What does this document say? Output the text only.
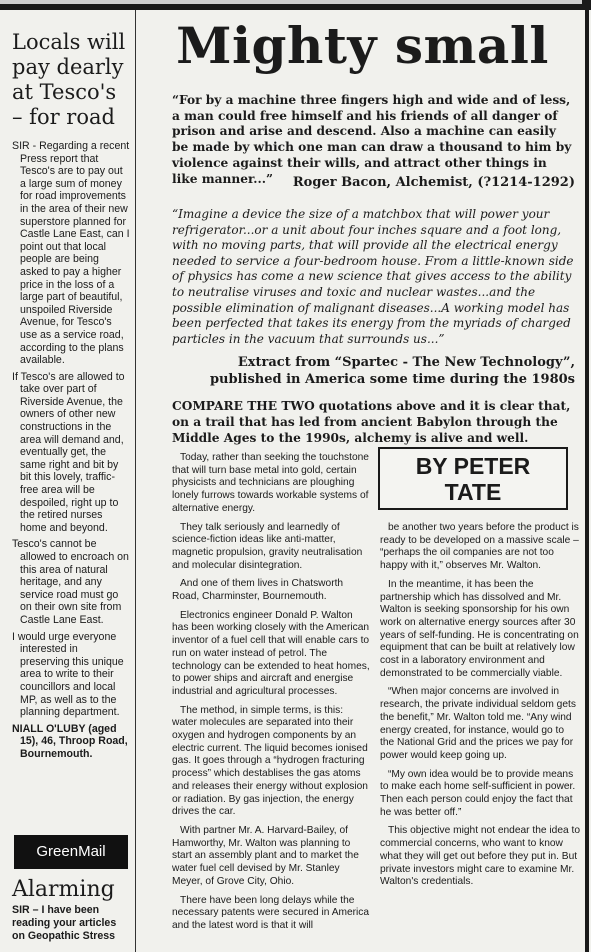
Locals will pay dearly at Tesco's – for road

SIR - Regarding a recent Press report that Tesco's are to pay out a large sum of money for road improvements in the area of their new superstore planned for Castle Lane East, can I point out that local people are being asked to pay a higher price in the loss of a large part of beautiful, unspoiled Riverside Avenue, for Tesco's use as a service road, according to the plans available.

If Tesco's are allowed to take over part of Riverside Avenue, the owners of other new constructions in the area will demand and, eventually get, the same right and bit by bit this lovely, traffic-free area will be despoiled, right up to the retired nurses home and beyond.

Tesco's cannot be allowed to encroach on this area of natural heritage, and any service road must go on their own site from Castle Lane East.

I would urge everyone interested in preserving this unique area to write to their councillors and local MP, as well as to the planning department.

NIALL O'LUBY (aged 15), 46, Throop Road, Bournemouth.

GreenMail
Alarming

SIR – I have been reading your articles on Geopathic Stress

Mighty small

“For by a machine three fingers high and wide and of less, a man could free himself and his friends of all danger of prison and arise and descend. Also a machine can easily be made by which one man can draw a thousand to him by violence against their wills, and attract other things in like manner...”	Roger Bacon, Alchemist, (?1214-1292)

“Imagine a device the size of a matchbox that will power your refrigerator...or a unit about four inches square and a foot long, with no moving parts, that will provide all the electrical energy needed to service a four-bedroom house. From a little-known side of physics has come a new science that gives access to the ability to neutralise viruses and toxic and nuclear wastes...and the possible elimination of malignant diseases...A working model has been perfected that takes its energy from the myriads of charged particles in the vacuum that surrounds us...”

Extract from “Spartec - The New Technology”, published in America some time during the 1980s

COMPARE THE TWO quotations above and it is clear that, on a trail that has led from ancient Babylon through the Middle Ages to the 1990s, alchemy is alive and well.

Today, rather than seeking the touchstone that will turn base metal into gold, certain physicists and technicians are ploughing lonely furrows towards workable systems of alternative energy.

They talk seriously and learnedly of science-fiction ideas like anti-matter, magnetic propulsion, gravity neutralisation and molecular disintegration.

And one of them lives in Chatsworth Road, Charminster, Bournemouth.

Electronics engineer Donald P. Walton has been working closely with the American inventor of a fuel cell that will enable cars to run on water instead of petrol. The technology can be extended to heat homes, to power ships and aircraft and energise industrial and agricultural processes.

The method, in simple terms, is this: water molecules are separated into their oxygen and hydrogen components by an electric current. The liquid becomes ionised gas. It goes through a “hydrogen fracturing process” which destablises the gas atoms and releases their energy without explosion or radiation. By gas injection, the energy drives the car.

With partner Mr. A. Harvard-Bailey, of Hamworthy, Mr. Walton was planning to start an assembly plant and to market the water fuel cell devised by Mr. Stanley Meyer, of Grove City, Ohio.

There have been long delays while the necessary patents were secured in America and the latest word is that it will

BY PETER
TATE

be another two years before the product is ready to be developed on a massive scale – “perhaps the oil companies are not too happy with it,” observes Mr. Walton.

In the meantime, it has been the partnership which has dissolved and Mr. Walton is seeking sponsorship for his own work on alternative energy sources after 30 years of self-funding. He is concentrating on equipment that can be built at relatively low cost in a laboratory environment and demonstrated to be commercially viable.

“When major concerns are involved in research, the private individual seldom gets the benefit,” Mr. Walton told me. “Any wind energy created, for instance, would go to the National Grid and the prices we pay for power would keep going up.

“My own idea would be to provide means to make each home self-sufficient in power. Then each person could enjoy the fact that he was better off.”

This objective might not endear the idea to commercial concerns, who want to know what they will get out before they put in. But private investors might care to examine Mr. Walton's credentials.
